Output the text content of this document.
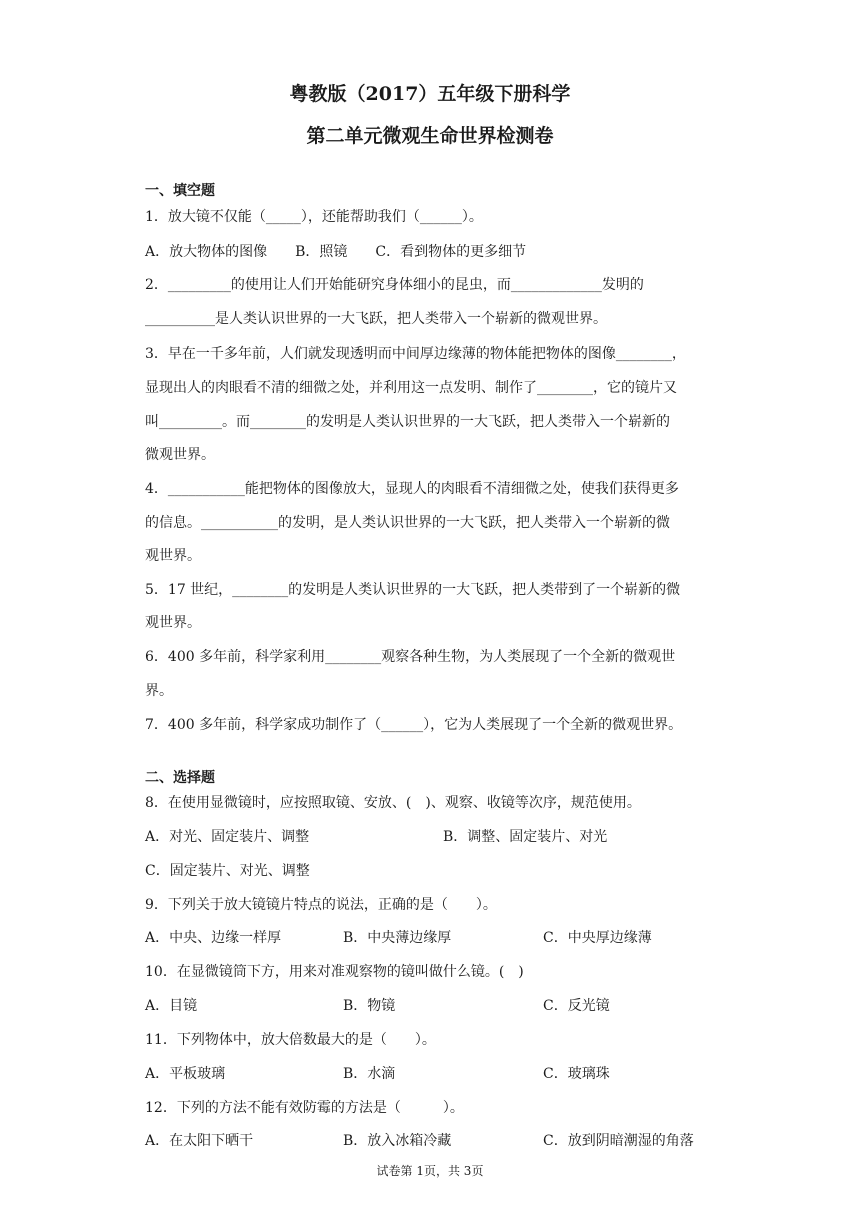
粤教版（2017）五年级下册科学
第二单元微观生命世界检测卷
一、填空题
1．放大镜不仅能（_____），还能帮助我们（______）。
A．放大物体的图像　　B．照镜　　C．看到物体的更多细节
2．_________的使用让人们开始能研究身体细小的昆虫，而_____________发明的
__________是人类认识世界的一大飞跃，把人类带入一个崭新的微观世界。
3．早在一千多年前，人们就发现透明而中间厚边缘薄的物体能把物体的图像________，
显现出人的肉眼看不清的细微之处，并利用这一点发明、制作了________，它的镜片又
叫_________。而________的发明是人类认识世界的一大飞跃，把人类带入一个崭新的
微观世界。
4．___________能把物体的图像放大，显现人的肉眼看不清细微之处，使我们获得更多
的信息。___________的发明，是人类认识世界的一大飞跃，把人类带入一个崭新的微
观世界。
5．17 世纪，________的发明是人类认识世界的一大飞跃，把人类带到了一个崭新的微
观世界。
6．400 多年前，科学家利用________观察各种生物，为人类展现了一个全新的微观世
界。
7．400 多年前，科学家成功制作了（______），它为人类展现了一个全新的微观世界。
二、选择题
8．在使用显微镜时，应按照取镜、安放、(　)、观察、收镜等次序，规范使用。
A．对光、固定装片、调整	B．调整、固定装片、对光
C．固定装片、对光、调整
9．下列关于放大镜镜片特点的说法，正确的是（　　）。
A．中央、边缘一样厚	B．中央薄边缘厚	C．中央厚边缘薄
10．在显微镜筒下方，用来对准观察物的镜叫做什么镜。(　)
A．目镜	B．物镜	C．反光镜
11．下列物体中，放大倍数最大的是（　　）。
A．平板玻璃	B．水滴	C．玻璃珠
12．下列的方法不能有效防霉的方法是（　　　）。
A．在太阳下晒干	B．放入冰箱冷藏	C．放到阴暗潮湿的角落
试卷第 1页，共 3页
